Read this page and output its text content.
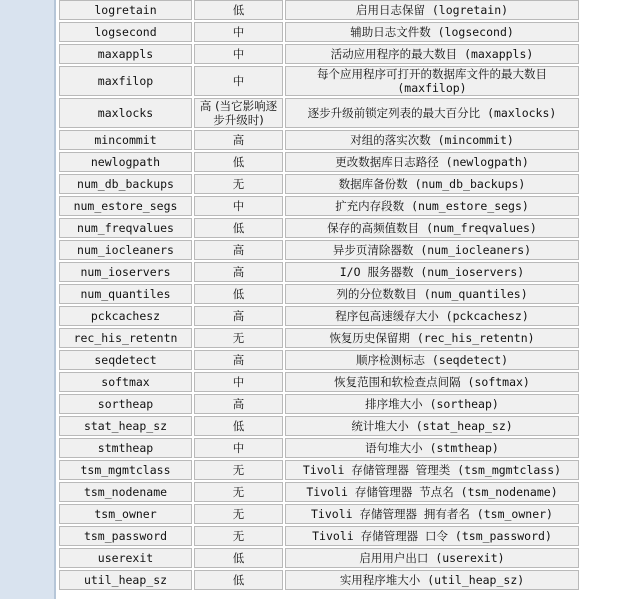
logretain	低	启用日志保留 (logretain)
logsecond	中	辅助日志文件数 (logsecond)
maxappls	中	活动应用程序的最大数目 (maxappls)
maxfilop	中	每个应用程序可打开的数据库文件的最大数目 (maxfilop)
maxlocks	高 (当它影响逐步升级时)	逐步升级前锁定列表的最大百分比 (maxlocks)
mincommit	高	对组的落实次数 (mincommit)
newlogpath	低	更改数据库日志路径 (newlogpath)
num_db_backups	无	数据库备份数 (num_db_backups)
num_estore_segs	中	扩充内存段数 (num_estore_segs)
num_freqvalues	低	保存的高频值数目 (num_freqvalues)
num_iocleaners	高	异步页清除器数 (num_iocleaners)
num_ioservers	高	I/O 服务器数 (num_ioservers)
num_quantiles	低	列的分位数数目 (num_quantiles)
pckcachesz	高	程序包高速缓存大小 (pckcachesz)
rec_his_retentn	无	恢复历史保留期 (rec_his_retentn)
seqdetect	高	顺序检测标志 (seqdetect)
softmax	中	恢复范围和软检查点间隔 (softmax)
sortheap	高	排序堆大小 (sortheap)
stat_heap_sz	低	统计堆大小 (stat_heap_sz)
stmtheap	中	语句堆大小 (stmtheap)
tsm_mgmtclass	无	Tivoli 存储管理器 管理类 (tsm_mgmtclass)
tsm_nodename	无	Tivoli 存储管理器 节点名 (tsm_nodename)
tsm_owner	无	Tivoli 存储管理器 拥有者名 (tsm_owner)
tsm_password	无	Tivoli 存储管理器 口令 (tsm_password)
userexit	低	启用用户出口 (userexit)
util_heap_sz	低	实用程序堆大小 (util_heap_sz)
